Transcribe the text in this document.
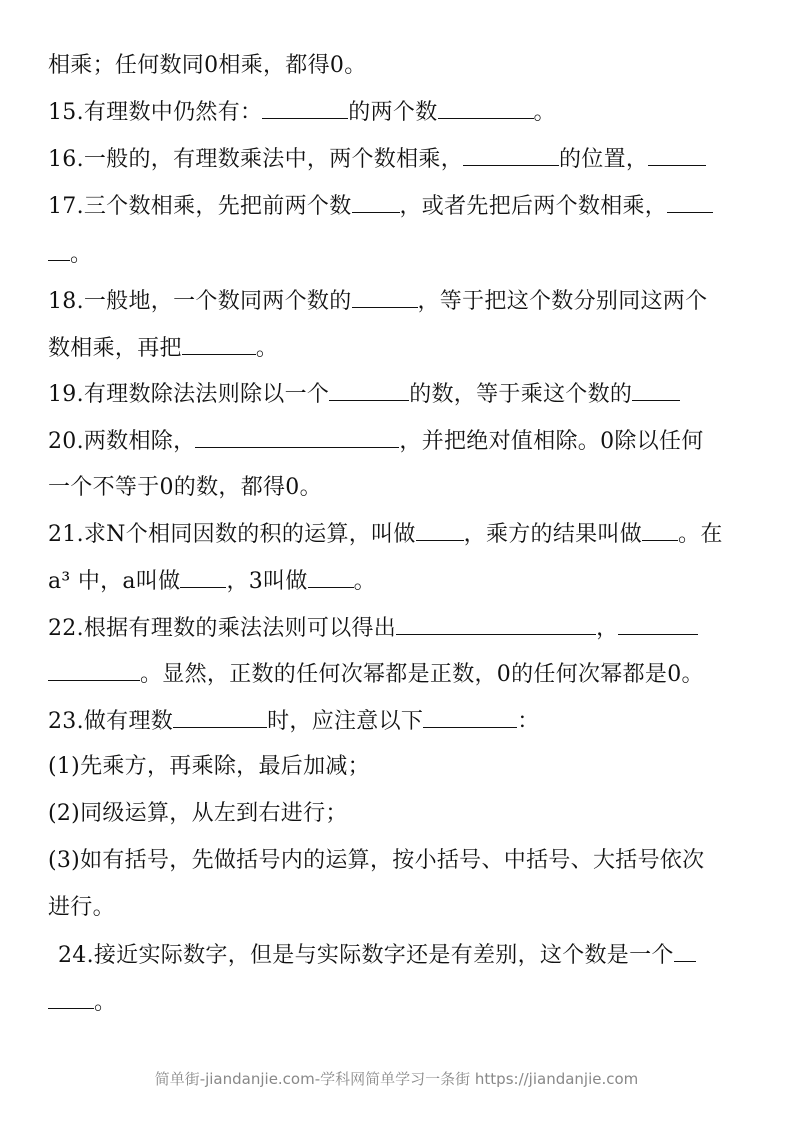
相乘；任何数同0相乘，都得0。
15.有理数中仍然有：	的两个数	。
16.一般的，有理数乘法中，两个数相乘，	的位置，
17.三个数相乘，先把前两个数 ，或者先把后两个数相乘，
。
18.一般地，一个数同两个数的	，等于把这个数分别同这两个
数相乘，再把	。
19.有理数除法法则除以一个	的数，等于乘这个数的
20.两数相除，	，并把绝对值相除。0除以任何
一个不等于0的数，都得0。
21.求N个相同因数的积的运算，叫做 ，乘方的结果叫做 。在
a³ 中，a叫做 ，3叫做 。
22.根据有理数的乘法法则可以得出	，
。显然，正数的任何次幂都是正数，0的任何次幂都是0。
23.做有理数	时，应注意以下	：
(1)先乘方，再乘除，最后加减；
(2)同级运算，从左到右进行；
(3)如有括号，先做括号内的运算，按小括号、中括号、大括号依次
进行。
24.接近实际数字，但是与实际数字还是有差别，这个数是一个
。
简单街-jiandanjie.com-学科网简单学习一条街 https://jiandanjie.com
